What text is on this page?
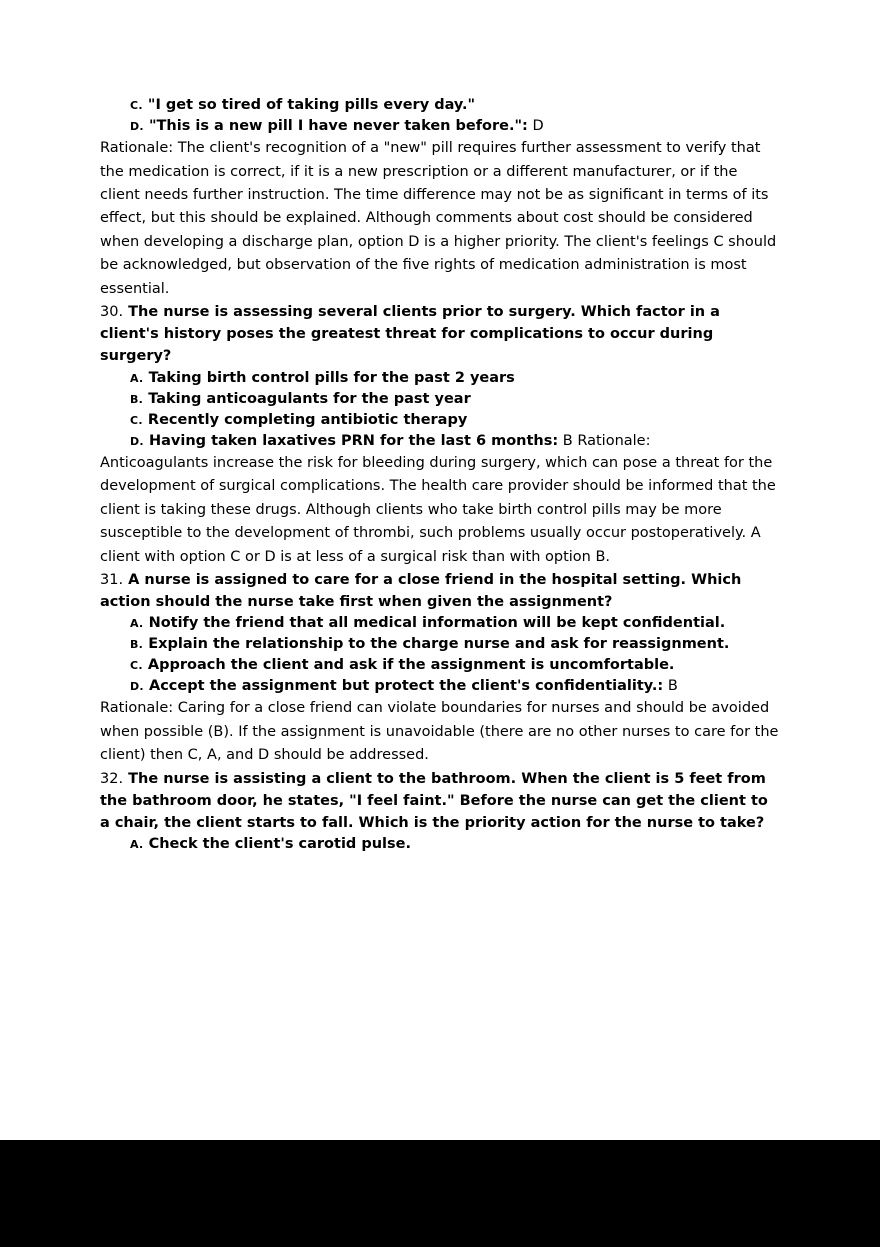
C. "I get so tired of taking pills every day."

D. "This is a new pill I have never taken before.": D

Rationale: The client's recognition of a "new" pill requires further assessment to verify that the medication is correct, if it is a new prescription or a different manufacturer, or if the client needs further instruction. The time difference may not be as significant in terms of its effect, but this should be explained. Although comments about cost should be considered when developing a discharge plan, option D is a higher priority. The client's feelings C should be acknowledged, but observation of the five rights of medication administration is most essential.

30. The nurse is assessing several clients prior to surgery. Which factor in a client's history poses the greatest threat for complications to occur during surgery?

A. Taking birth control pills for the past 2 years

B. Taking anticoagulants for the past year

C. Recently completing antibiotic therapy

D. Having taken laxatives PRN for the last 6 months: B Rationale:

Anticoagulants increase the risk for bleeding during surgery, which can pose a threat for the development of surgical complications. The health care provider should be informed that the client is taking these drugs. Although clients who take birth control pills may be more susceptible to the development of thrombi, such problems usually occur postoperatively. A client with option C or D is at less of a surgical risk than with option B.

31. A nurse is assigned to care for a close friend in the hospital setting. Which action should the nurse take first when given the assignment?

A. Notify the friend that all medical information will be kept confidential.

B. Explain the relationship to the charge nurse and ask for reassignment.

C. Approach the client and ask if the assignment is uncomfortable.

D. Accept the assignment but protect the client's confidentiality.: B

Rationale: Caring for a close friend can violate boundaries for nurses and should be avoided when possible (B). If the assignment is unavoidable (there are no other nurses to care for the client) then C, A, and D should be addressed.

32. The nurse is assisting a client to the bathroom. When the client is 5 feet from the bathroom door, he states, "I feel faint." Before the nurse can get the client to a chair, the client starts to fall. Which is the priority action for the nurse to take?

A. Check the client's carotid pulse.
